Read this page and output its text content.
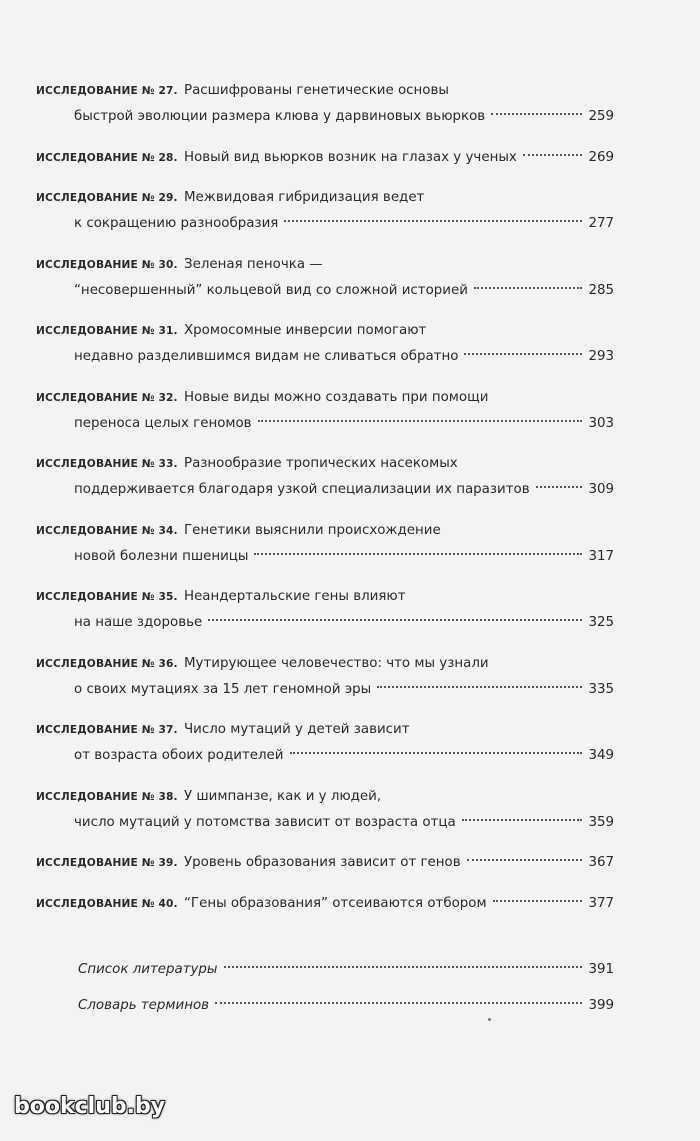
ИССЛЕДОВАНИЕ № 27. Расшифрованы генетические основы
быстрой эволюции размера клюва у дарвиновых вьюрков	259
ИССЛЕДОВАНИЕ № 28. Новый вид вьюрков возник на глазах у ученых	269
ИССЛЕДОВАНИЕ № 29. Межвидовая гибридизация ведет
к сокращению разнообразия	277
ИССЛЕДОВАНИЕ № 30. Зеленая пеночка —
“несовершенный” кольцевой вид со сложной историей	285
ИССЛЕДОВАНИЕ № 31. Хромосомные инверсии помогают
недавно разделившимся видам не сливаться обратно	293
ИССЛЕДОВАНИЕ № 32. Новые виды можно создавать при помощи
переноса целых геномов	303
ИССЛЕДОВАНИЕ № 33. Разнообразие тропических насекомых
поддерживается благодаря узкой специализации их паразитов	309
ИССЛЕДОВАНИЕ № 34. Генетики выяснили происхождение
новой болезни пшеницы	317
ИССЛЕДОВАНИЕ № 35. Неандертальские гены влияют
на наше здоровье	325
ИССЛЕДОВАНИЕ № 36. Мутирующее человечество: что мы узнали
о своих мутациях за 15 лет геномной эры	335
ИССЛЕДОВАНИЕ № 37. Число мутаций у детей зависит
от возраста обоих родителей	349
ИССЛЕДОВАНИЕ № 38. У шимпанзе, как и у людей,
число мутаций у потомства зависит от возраста отца	359
ИССЛЕДОВАНИЕ № 39. Уровень образования зависит от генов	367
ИССЛЕДОВАНИЕ № 40. “Гены образования” отсеиваются отбором	377
Список литературы	391
Словарь терминов	399
bookclub.by
